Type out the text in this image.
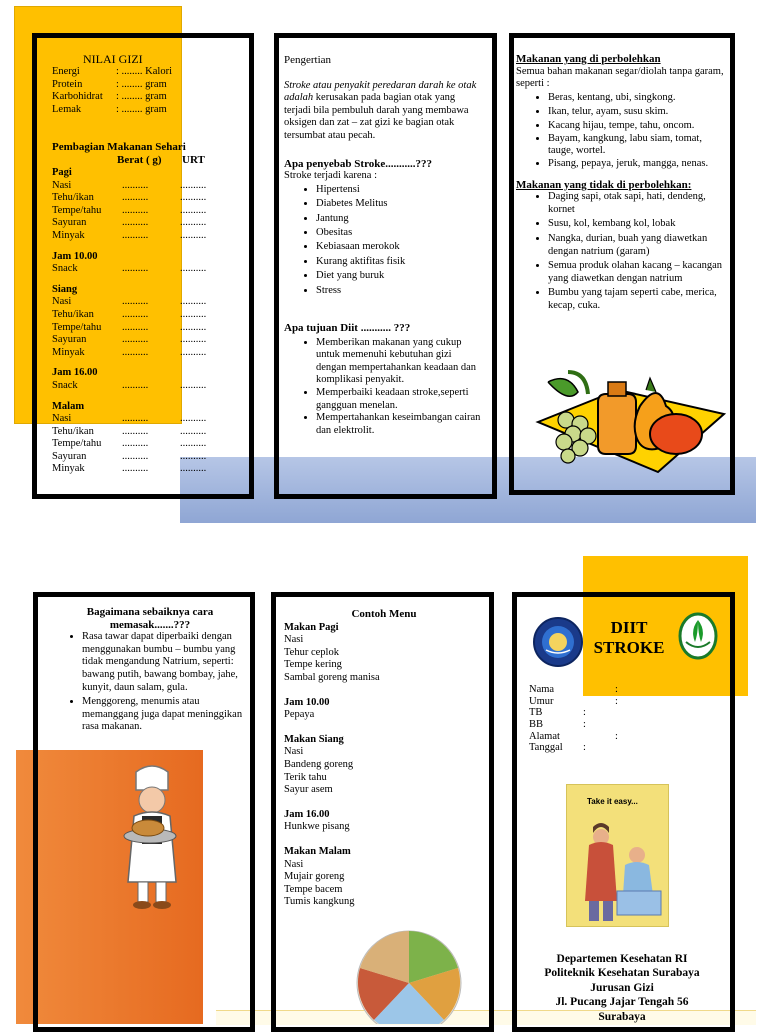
NILAI GIZI
Energi	: ........ Kalori
Protein	: ........ gram
Karbohidrat : ........ gram
Lemak	: ........ gram
Pembagian Makanan Sehari
Berat ( g) URT
Pagi
Nasi	..........	..........
Tehu/ikan	..........	..........
Tempe/tahu ..........	..........
Sayuran	..........	..........
Minyak	..........	..........
Jam 10.00
Snack	..........	..........
Siang
Nasi	..........	..........
Tehu/ikan	..........	..........
Tempe/tahu ..........	..........
Sayuran	..........	..........
Minyak	..........	..........
Jam 16.00
Snack	..........	..........
Malam
Nasi	..........	..........
Tehu/ikan	..........	..........
Tempe/tahu ..........	..........
Sayuran	..........	..........
Minyak	..........	..........
Pengertian
Stroke atau penyakit peredaran darah ke otak adalah kerusakan pada bagian otak yang terjadi bila pembuluh darah yang membawa oksigen dan zat – zat gizi ke bagian otak tersumbat atau pecah.
Apa penyebab Stroke...........???
Stroke terjadi karena :
• Hipertensi
• Diabetes Melitus
• Jantung
• Obesitas
• Kebiasaan merokok
• Kurang aktifitas fisik
• Diet yang buruk
• Stress
Apa tujuan Diit ........... ???
• Memberikan makanan yang cukup untuk memenuhi kebutuhan gizi dengan mempertahankan keadaan dan komplikasi penyakit.
• Memperbaiki keadaan stroke,seperti gangguan menelan.
• Mempertahankan keseimbangan cairan dan elektrolit.
Makanan yang di perbolehkan
Semua bahan makanan segar/diolah tanpa garam, seperti :
• Beras, kentang, ubi, singkong.
• Ikan, telur, ayam, susu skim.
• Kacang hijau, tempe, tahu, oncom.
• Bayam, kangkung, labu siam, tomat, tauge, wortel.
• Pisang, pepaya, jeruk, mangga, nenas.
Makanan yang tidak di perbolehkan:
• Daging sapi, otak sapi, hati, dendeng, kornet
• Susu, kol, kembang kol, lobak
• Nangka, durian, buah yang diawetkan dengan natrium (garam)
• Semua produk olahan kacang – kacangan yang diawetkan dengan natrium
• Bumbu yang tajam seperti cabe, merica, kecap, cuka.
Bagaimana sebaiknya cara memasak.......???
• Rasa tawar dapat diperbaiki dengan menggunakan bumbu – bumbu yang tidak mengandung Natrium, seperti: bawang putih, bawang bombay, jahe, kunyit, daun salam, gula.
• Menggoreng, menumis atau memanggang juga dapat meninggikan rasa makanan.
Contoh Menu
Makan Pagi
Nasi
Tehur ceplok
Tempe kering
Sambal goreng manisa
Jam 10.00
Pepaya
Makan Siang
Nasi
Bandeng goreng
Terik tahu
Sayur asem
Jam 16.00
Hunkwe pisang
Makan Malam
Nasi
Mujair goreng
Tempe bacem
Tumis kangkung
DIIT
STROKE
Nama	:
Umur	:
TB	:
BB	:
Alamat	:
Tanggal :
Take it easy...
Departemen Kesehatan RI
Politeknik Kesehatan Surabaya
Jurusan Gizi
Jl. Pucang Jajar Tengah 56
Surabaya
